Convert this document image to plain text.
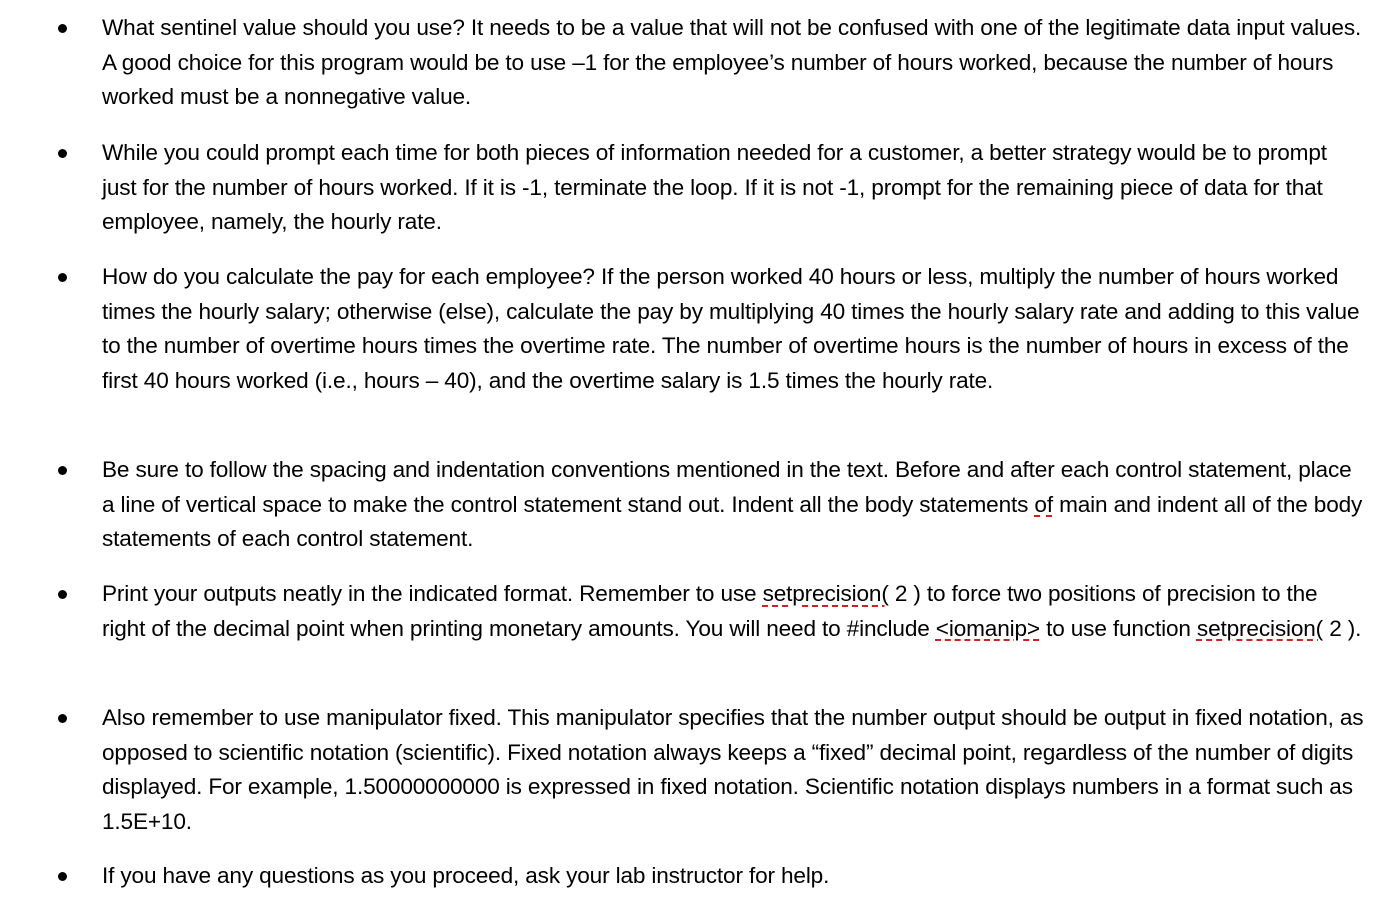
What sentinel value should you use? It needs to be a value that will not be confused with one of the legitimate data input values. A good choice for this program would be to use –1 for the employee’s number of hours worked, because the number of hours worked must be a nonnegative value.
While you could prompt each time for both pieces of information needed for a customer, a better strategy would be to prompt just for the number of hours worked. If it is -1, terminate the loop. If it is not -1, prompt for the remaining piece of data for that employee, namely, the hourly rate.
How do you calculate the pay for each employee? If the person worked 40 hours or less, multiply the number of hours worked times the hourly salary; otherwise (else), calculate the pay by multiplying 40 times the hourly salary rate and adding to this value to the number of overtime hours times the overtime rate. The number of overtime hours is the number of hours in excess of the first 40 hours worked (i.e., hours – 40), and the overtime salary is 1.5 times the hourly rate.
Be sure to follow the spacing and indentation conventions mentioned in the text. Before and after each control statement, place a line of vertical space to make the control statement stand out. Indent all the body statements of main and indent all of the body statements of each control statement.
Print your outputs neatly in the indicated format. Remember to use setprecision( 2 ) to force two positions of precision to the right of the decimal point when printing monetary amounts. You will need to #include <iomanip> to use function setprecision( 2 ).
Also remember to use manipulator fixed. This manipulator specifies that the number output should be output in fixed notation, as opposed to scientific notation (scientific). Fixed notation always keeps a “fixed” decimal point, regardless of the number of digits displayed. For example, 1.50000000000 is expressed in fixed notation. Scientific notation displays numbers in a format such as 1.5E+10.
If you have any questions as you proceed, ask your lab instructor for help.
